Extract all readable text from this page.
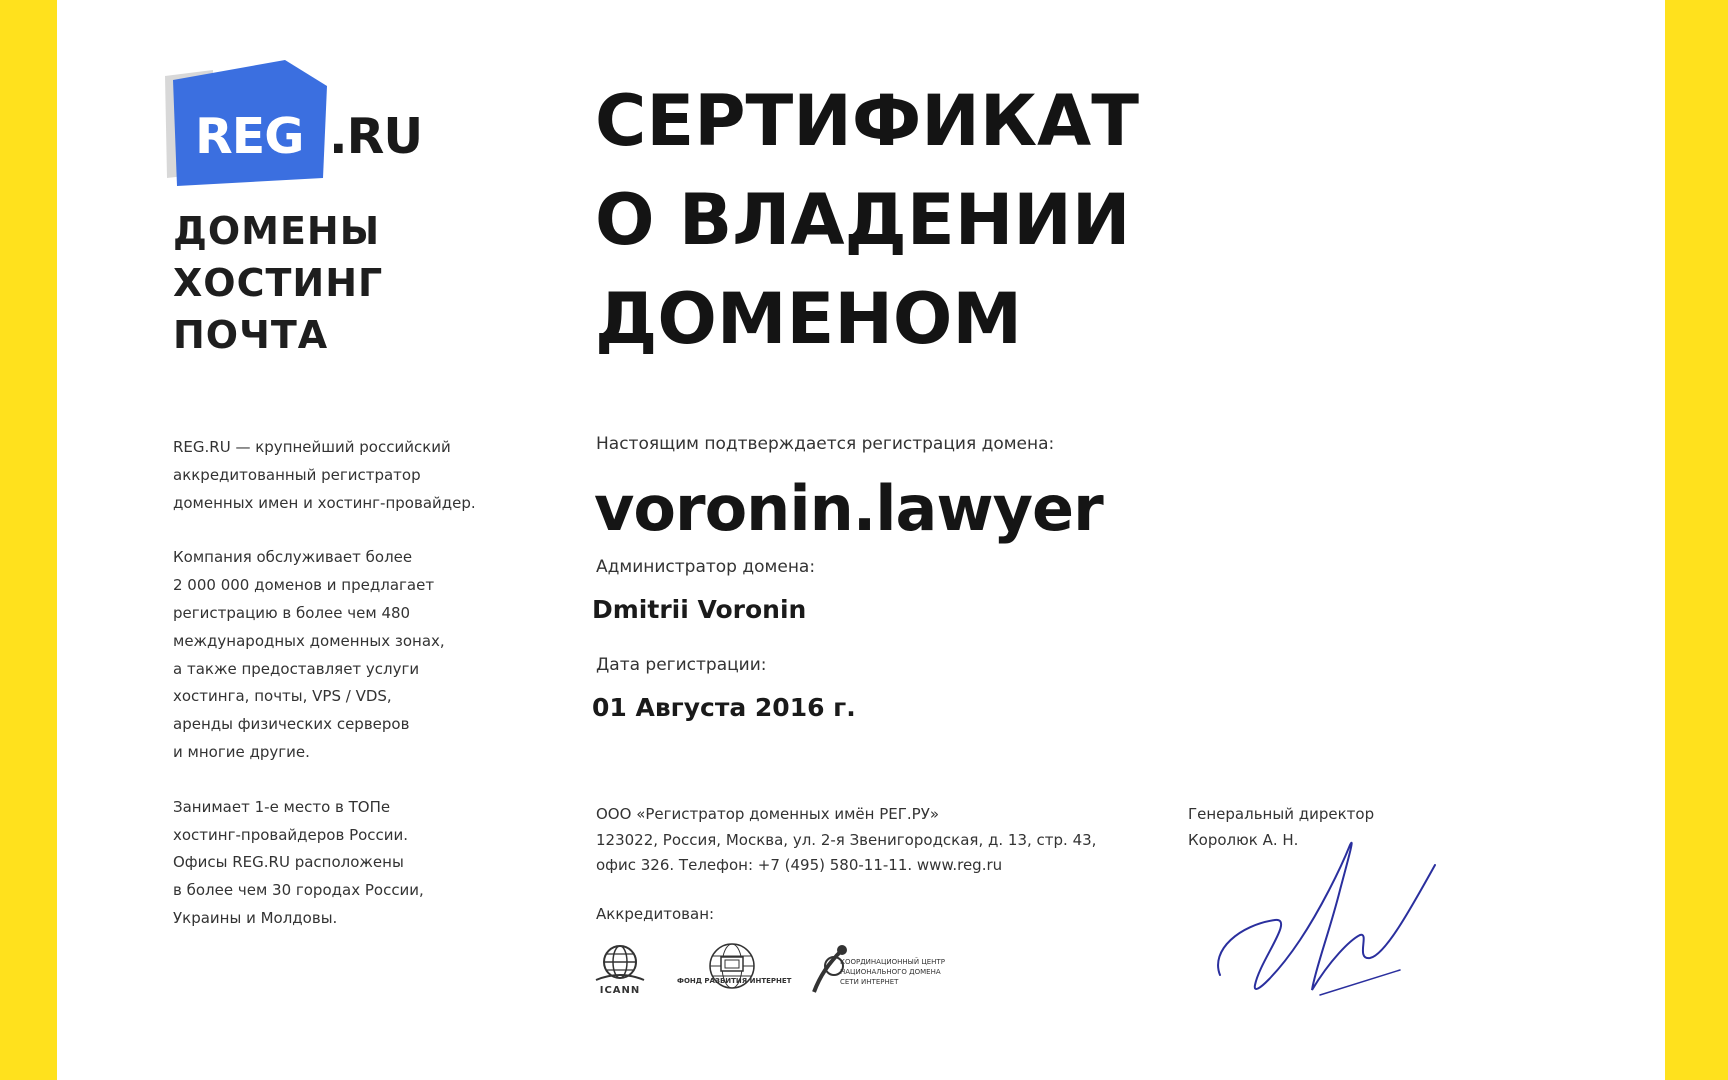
REG .RU
ДОМЕНЫ
ХОСТИНГ
ПОЧТА

REG.RU — крупнейший российский

аккредитованный регистратор

доменных имен и хостинг-провайдер.

Компания обслуживает более

2 000 000 доменов и предлагает

регистрацию в более чем 480

международных доменных зонах,

а также предоставляет услуги

хостинга, почты, VPS / VDS,

аренды физических серверов

и многие другие.

Занимает 1-е место в ТОПе

хостинг-провайдеров России.

Офисы REG.RU расположены

в более чем 30 городах России,

Украины и Молдовы.

СЕРТИФИКАТ
О ВЛАДЕНИИ
ДОМЕНОМ
Настоящим подтверждается регистрация домена:
voronin.lawyer
Администратор домена:
Dmitrii Voronin
Дата регистрации:
01 Августа 2016 г.
ООО «Регистратор доменных имён РЕГ.РУ»
123022, Россия, Москва, ул. 2-я Звенигородская, д. 13, стр. 43,
офис 326. Телефон: +7 (495) 580-11-11. www.reg.ru
Аккредитован:
ICANN
ФОНД РАЗВИТИЯ ИНТЕРНЕТ
КООРДИНАЦИОННЫЙ ЦЕНТР
НАЦИОНАЛЬНОГО ДОМЕНА
СЕТИ ИНТЕРНЕТ
Генеральный директор
Королюк А. Н.
